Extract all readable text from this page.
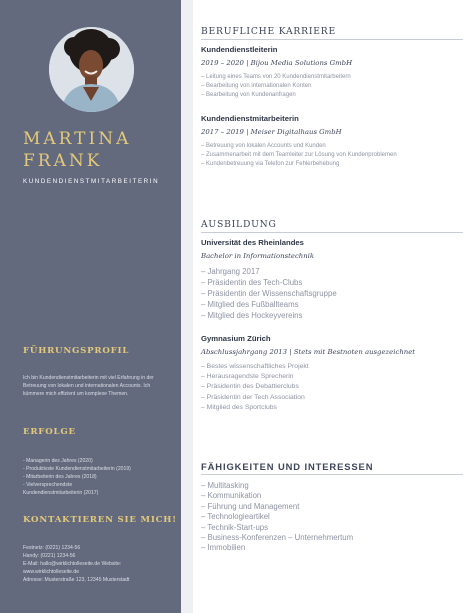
MARTINA
FRANK
KUNDENDIENSTMITARBEITERIN
FÜHRUNGSPROFIL
Ich bin Kundendienstmitarbeiterin mit viel Erfahrung in der Betreuung von lokalen und internationalen Accounts. Ich kümmere mich effizient um komplexe Themen.
ERFOLGE
- Managerin des Jahres (2020)
- Produktivste Kundendienstmitarbeiterin (2019)
- Mitarbeiterin des Jahres (2018)
- Vielversprechendste
Kundendienstmitarbeiterin (2017)
KONTAKTIEREN SIE MICH!
Festnetz: (0221) 1234-56
Handy: (0221) 1234-56
E-Mail: hallo@wirklichtolleseite.de Website:
www.wirklichtolleseite.de
Adresse: Musterstraße 123, 12345 Musterstadt
BERUFLICHE KARRIERE
Kundendienstleiterin
2019 – 2020 | Bijou Media Solutions GmbH
– Leitung eines Teams von 20 Kundendienstmitarbeitern
– Bearbeitung von internationalen Konten
– Bearbeitung von Kundenanfragen
Kundendienstmitarbeiterin
2017 – 2019 | Meiser Digitalhaus GmbH
– Betreuung von lokalen Accounts und Kunden
– Zusammenarbeit mit dem Teamleiter zur Lösung von Kundenproblemen
– Kundenbetreuung via Telefon zur Fehlerbehebung
AUSBILDUNG
Universität des Rheinlandes
Bachelor in Informationstechnik
– Jahrgang 2017
– Präsidentin des Tech-Clubs
– Präsidentin der Wissenschaftsgruppe
– Mitglied des Fußballteams
– Mitglied des Hockeyvereins
Gymnasium Zürich
Abschlussjahrgang 2013 | Stets mit Bestnoten ausgezeichnet
– Bestes wissenschaftliches Projekt
– Herausragendste Sprecherin
– Präsidentin des Debattierclubs
– Präsidentin der Tech Association
– Mitglied des Sportclubs
FÄHIGKEITEN UND INTERESSEN
– Multitasking
– Kommunikation
– Führung und Management
– Technologieartikel
– Technik-Start-ups
– Business-Konferenzen – Unternehmertum
– Immobilien
